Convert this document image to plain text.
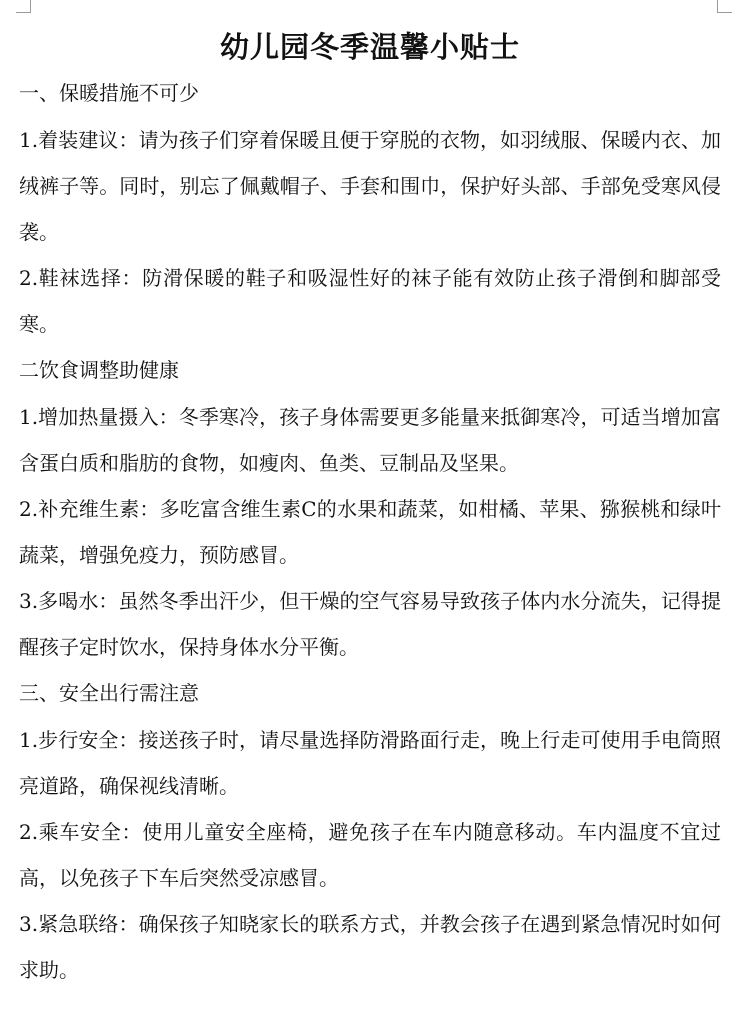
幼儿园冬季温馨小贴士
一、保暖措施不可少

1.着装建议：请为孩子们穿着保暖且便于穿脱的衣物，如羽绒服、保暖内衣、加绒裤子等。同时，别忘了佩戴帽子、手套和围巾，保护好头部、手部免受寒风侵袭。

2.鞋袜选择：防滑保暖的鞋子和吸湿性好的袜子能有效防止孩子滑倒和脚部受寒。

二饮食调整助健康

1.增加热量摄入：冬季寒冷，孩子身体需要更多能量来抵御寒冷，可适当增加富含蛋白质和脂肪的食物，如瘦肉、鱼类、豆制品及坚果。

2.补充维生素：多吃富含维生素C的水果和蔬菜，如柑橘、苹果、猕猴桃和绿叶蔬菜，增强免疫力，预防感冒。

3.多喝水：虽然冬季出汗少，但干燥的空气容易导致孩子体内水分流失，记得提醒孩子定时饮水，保持身体水分平衡。

三、安全出行需注意

1.步行安全：接送孩子时，请尽量选择防滑路面行走，晚上行走可使用手电筒照亮道路，确保视线清晰。

2.乘车安全：使用儿童安全座椅，避免孩子在车内随意移动。车内温度不宜过高，以免孩子下车后突然受凉感冒。

3.紧急联络：确保孩子知晓家长的联系方式，并教会孩子在遇到紧急情况时如何求助。
